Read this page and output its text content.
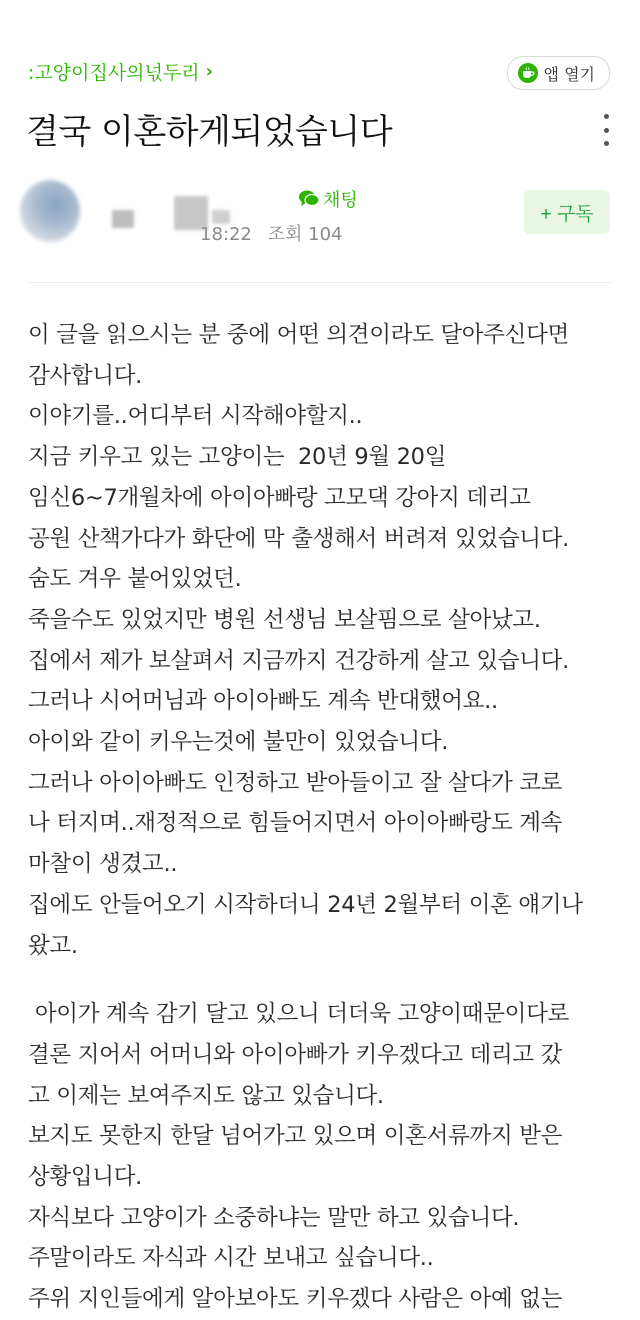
:고양이집사의넋두리 ›	앱 열기
결국 이혼하게되었습니다
채팅
18:22 조회 104
+ 구독

이 글을 읽으시는 분 중에 어떤 의견이라도 달아주신다면

감사합니다.

이야기를..어디부터 시작해야할지..

지금 키우고 있는 고양이는  20년 9월 20일

임신6~7개월차에 아이아빠랑 고모댁 강아지 데리고

공원 산책가다가 화단에 막 출생해서 버려져 있었습니다.

숨도 겨우 붙어있었던.

죽을수도 있었지만 병원 선생님 보살핌으로 살아났고.

집에서 제가 보살펴서 지금까지 건강하게 살고 있습니다.

그러나 시어머님과 아이아빠도 계속 반대했어요..

아이와 같이 키우는것에 불만이 있었습니다.

그러나 아이아빠도 인정하고 받아들이고 잘 살다가 코로

나 터지며..재정적으로 힘들어지면서 아이아빠랑도 계속

마찰이 생겼고..

집에도 안들어오기 시작하더니 24년 2월부터 이혼 얘기나

왔고.

아이가 계속 감기 달고 있으니 더더욱 고양이때문이다로

결론 지어서 어머니와 아이아빠가 키우겠다고 데리고 갔

고 이제는 보여주지도 않고 있습니다.

보지도 못한지 한달 넘어가고 있으며 이혼서류까지 받은

상황입니다.

자식보다 고양이가 소중하냐는 말만 하고 있습니다.

주말이라도 자식과 시간 보내고 싶습니다..

주위 지인들에게 알아보아도 키우겠다 사람은 아예 없는
